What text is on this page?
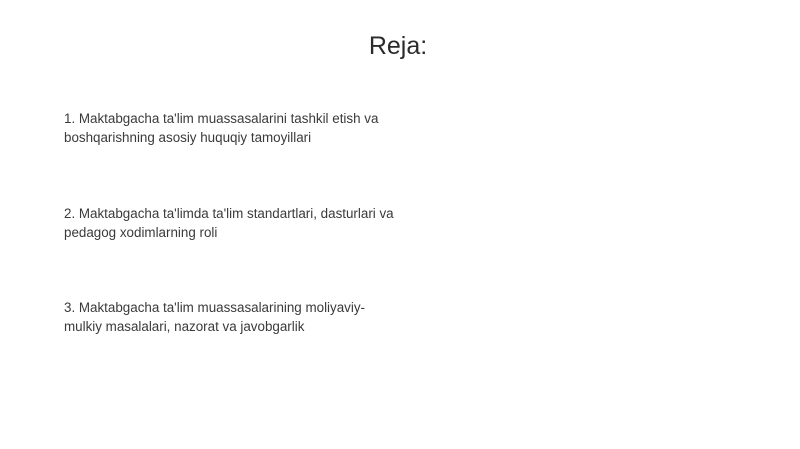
Reja:
1. Maktabgacha ta'lim muassasalarini tashkil etish va
boshqarishning asosiy huquqiy tamoyillari
2. Maktabgacha ta'limda ta'lim standartlari, dasturlari va
pedagog xodimlarning roli
3. Maktabgacha ta'lim muassasalarining moliyaviy-
mulkiy masalalari, nazorat va javobgarlik
